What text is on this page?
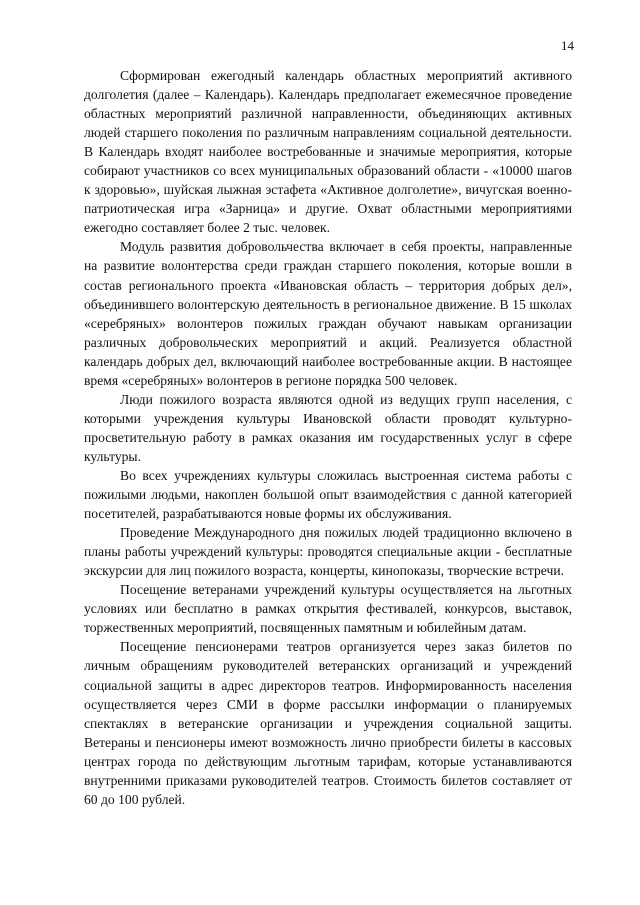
14

Сформирован ежегодный календарь областных мероприятий активного долголетия (далее – Календарь). Календарь предполагает ежемесячное проведение областных мероприятий различной направленности, объединяющих активных людей старшего поколения по различным направлениям социальной деятельности. В Календарь входят наиболее востребованные и значимые мероприятия, которые собирают участников со всех муниципальных образований области - «10000 шагов к здоровью», шуйская лыжная эстафета «Активное долголетие», вичугская военно-патриотическая игра «Зарница» и другие. Охват областными мероприятиями ежегодно составляет более 2 тыс. человек.

Модуль развития добровольчества включает в себя проекты, направленные на развитие волонтерства среди граждан старшего поколения, которые вошли в состав регионального проекта «Ивановская область – территория добрых дел», объединившего волонтерскую деятельность в региональное движение. В 15 школах «серебряных» волонтеров пожилых граждан обучают навыкам организации различных добровольческих мероприятий и акций. Реализуется областной календарь добрых дел, включающий наиболее востребованные акции. В настоящее время «серебряных» волонтеров в регионе порядка 500 человек.

Люди пожилого возраста являются одной из ведущих групп населения, с которыми учреждения культуры Ивановской области проводят культурно-просветительную работу в рамках оказания им государственных услуг в сфере культуры.

Во всех учреждениях культуры сложилась выстроенная система работы с пожилыми людьми, накоплен большой опыт взаимодействия с данной категорией посетителей, разрабатываются новые формы их обслуживания.

Проведение Международного дня пожилых людей традиционно включено в планы работы учреждений культуры: проводятся специальные акции - бесплатные экскурсии для лиц пожилого возраста, концерты, кинопоказы, творческие встречи.

Посещение ветеранами учреждений культуры осуществляется на льготных условиях или бесплатно в рамках открытия фестивалей, конкурсов, выставок, торжественных мероприятий, посвященных памятным и юбилейным датам.

Посещение пенсионерами театров организуется через заказ билетов по личным обращениям руководителей ветеранских организаций и учреждений социальной защиты в адрес директоров театров. Информированность населения осуществляется через СМИ в форме рассылки информации о планируемых спектаклях в ветеранские организации и учреждения социальной защиты. Ветераны и пенсионеры имеют возможность лично приобрести билеты в кассовых центрах города по действующим льготным тарифам, которые устанавливаются внутренними приказами руководителей театров. Стоимость билетов составляет от 60 до 100 рублей.
